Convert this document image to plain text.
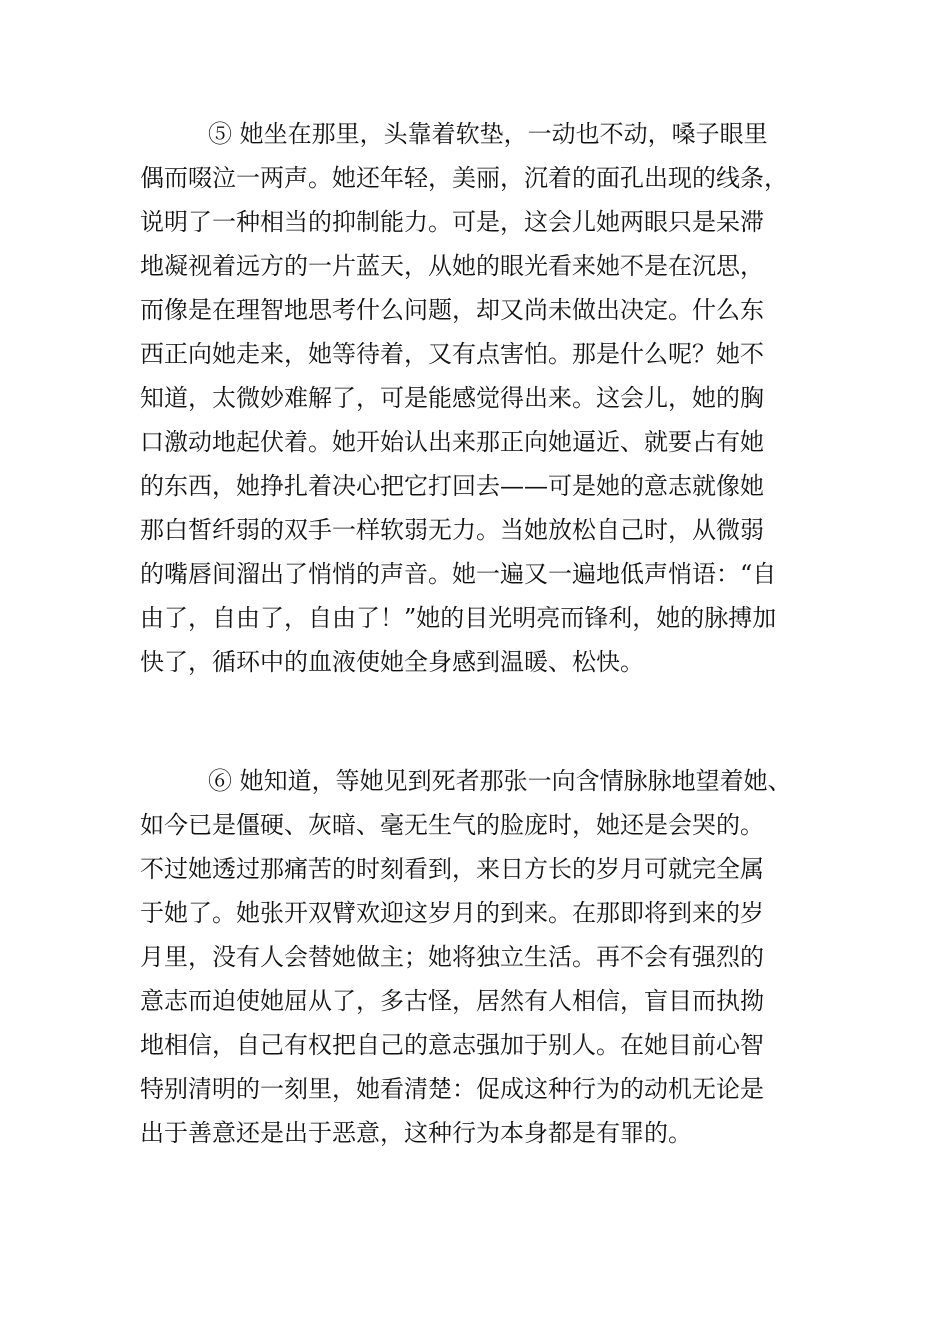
⑤ 她坐在那里，头靠着软垫，一动也不动，嗓子眼里
偶而啜泣一两声。她还年轻，美丽，沉着的面孔出现的线条，
说明了一种相当的抑制能力。可是，这会儿她两眼只是呆滞
地凝视着远方的一片蓝天，从她的眼光看来她不是在沉思，
而像是在理智地思考什么问题，却又尚未做出决定。什么东
西正向她走来，她等待着，又有点害怕。那是什么呢？她不
知道，太微妙难解了，可是能感觉得出来。这会儿，她的胸
口激动地起伏着。她开始认出来那正向她逼近、就要占有她
的东西，她挣扎着决心把它打回去——可是她的意志就像她
那白皙纤弱的双手一样软弱无力。当她放松自己时，从微弱
的嘴唇间溜出了悄悄的声音。她一遍又一遍地低声悄语：“自
由了，自由了，自由了！”她的目光明亮而锋利，她的脉搏加
快了，循环中的血液使她全身感到温暖、松快。
⑥ 她知道，等她见到死者那张一向含情脉脉地望着她、
如今已是僵硬、灰暗、毫无生气的脸庞时，她还是会哭的。
不过她透过那痛苦的时刻看到，来日方长的岁月可就完全属
于她了。她张开双臂欢迎这岁月的到来。在那即将到来的岁
月里，没有人会替她做主；她将独立生活。再不会有强烈的
意志而迫使她屈从了，多古怪，居然有人相信，盲目而执拗
地相信，自己有权把自己的意志强加于别人。在她目前心智
特别清明的一刻里，她看清楚：促成这种行为的动机无论是
出于善意还是出于恶意，这种行为本身都是有罪的。
